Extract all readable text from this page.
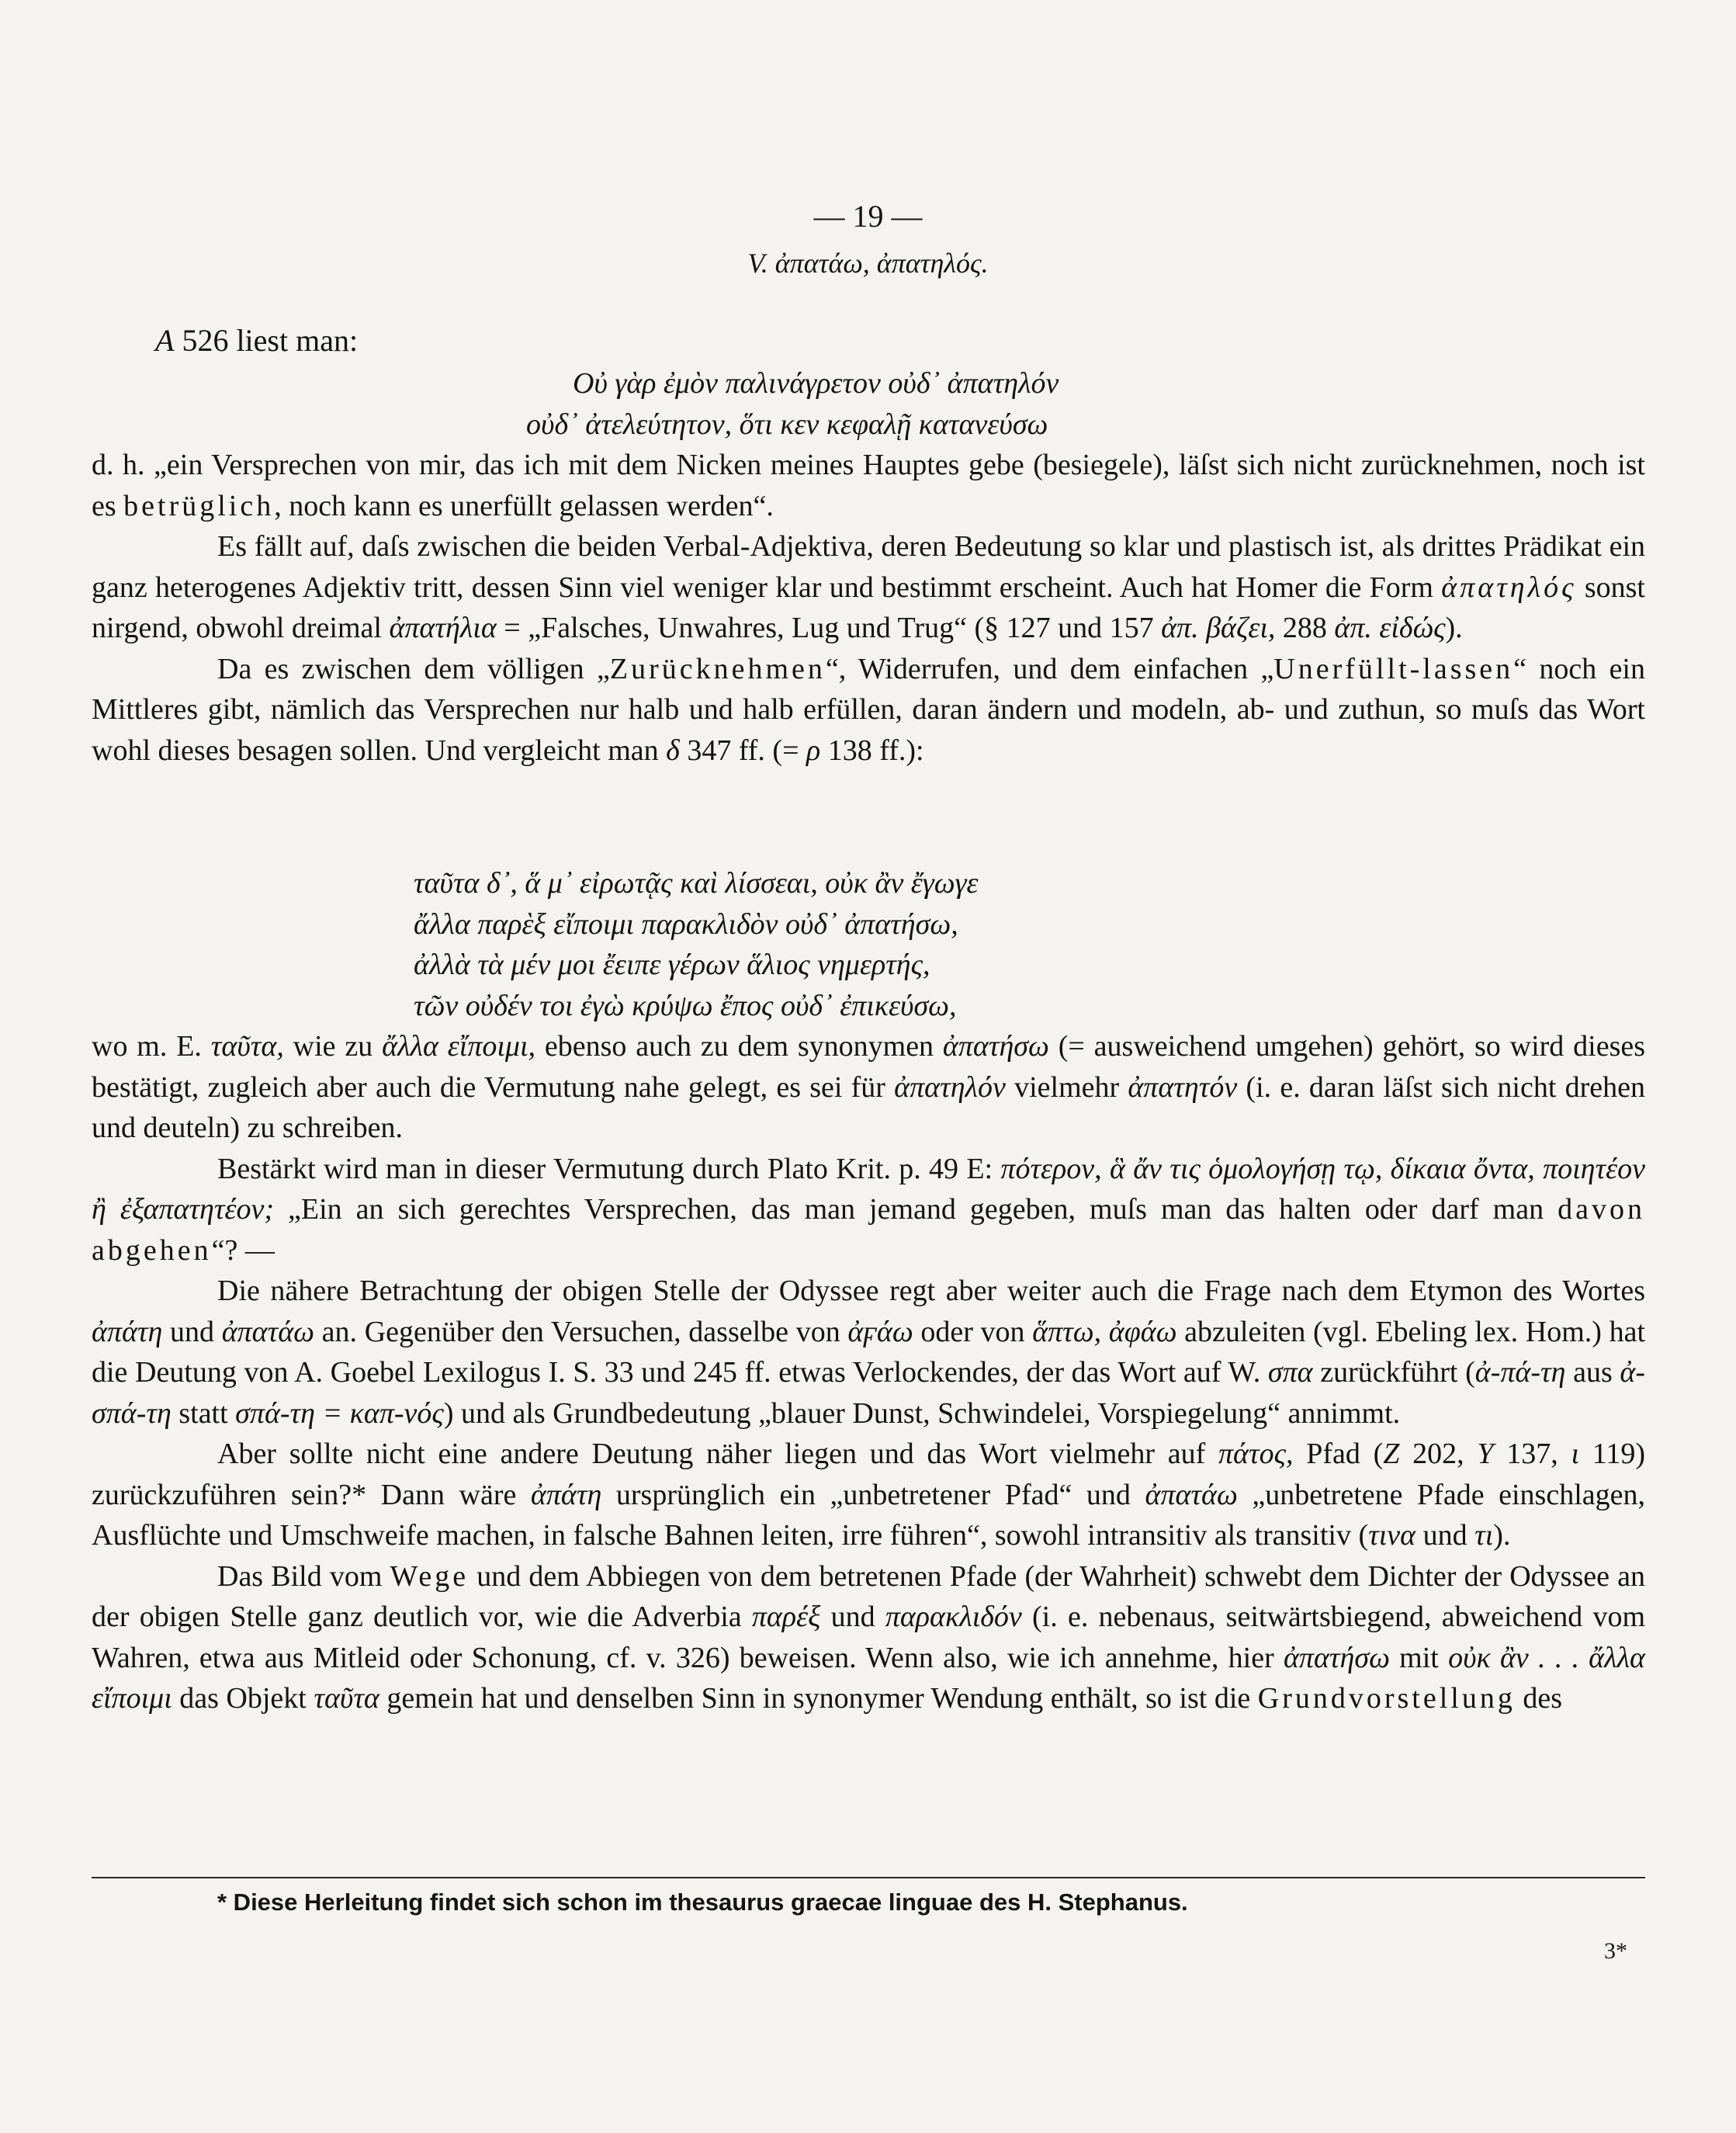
— 19 —
V. ἀπατάω, ἀπατηλός.
Α 526 liest man:
Οὐ γὰρ ἐμὸν παλινάγρετον οὐδ᾽ ἀπατηλόν
οὐδ᾽ ἀτελεύτητον, ὅτι κεν κεφαλῇ κατανεύσω

d. h. „ein Versprechen von mir, das ich mit dem Nicken meines Hauptes gebe (besiegele), läſst sich nicht zurücknehmen, noch ist es betrüglich, noch kann es unerfüllt gelassen werden“.

Es fällt auf, daſs zwischen die beiden Verbal-Adjektiva, deren Bedeutung so klar und plastisch ist, als drittes Prädikat ein ganz heterogenes Adjektiv tritt, dessen Sinn viel weniger klar und bestimmt erscheint. Auch hat Homer die Form ἀπατηλός sonst nirgend, obwohl dreimal ἀπατήλια = „Falsches, Unwahres, Lug und Trug“ (§ 127 und 157 ἀπ. βάζει, 288 ἀπ. εἰδώς).

Da es zwischen dem völligen „Zurücknehmen“, Widerrufen, und dem einfachen „Unerfüllt-lassen“ noch ein Mittleres gibt, nämlich das Versprechen nur halb und halb erfüllen, daran ändern und modeln, ab- und zuthun, so muſs das Wort wohl dieses besagen sollen. Und vergleicht man δ 347 ff. (= ρ 138 ff.):

ταῦτα δ᾽, ἅ μ᾽ εἰρωτᾷς καὶ λίσσεαι, οὐκ ἂν ἔγωγε
ἄλλα παρὲξ εἴποιμι παρακλιδὸν οὐδ᾽ ἀπατήσω,
ἀλλὰ τὰ μέν μοι ἔειπε γέρων ἅλιος νημερτής,
τῶν οὐδέν τοι ἐγὼ κρύψω ἔπος οὐδ᾽ ἐπικεύσω,

wo m. E. ταῦτα, wie zu ἄλλα εἴποιμι, ebenso auch zu dem synonymen ἀπατήσω (= ausweichend umgehen) gehört, so wird dieses bestätigt, zugleich aber auch die Vermutung nahe gelegt, es sei für ἀπατηλόν vielmehr ἀπατητόν (i. e. daran läſst sich nicht drehen und deuteln) zu schreiben.

Bestärkt wird man in dieser Vermutung durch Plato Krit. p. 49 E: πότερον, ἃ ἄν τις ὁμολογήσῃ τῳ, δίκαια ὄντα, ποιητέον ἢ ἐξαπατητέον; „Ein an sich gerechtes Versprechen, das man jemand gegeben, muſs man das halten oder darf man davon abgehen“? —

Die nähere Betrachtung der obigen Stelle der Odyssee regt aber weiter auch die Frage nach dem Etymon des Wortes ἀπάτη und ἀπατάω an. Gegenüber den Versuchen, dasselbe von ἀϝάω oder von ἅπτω, ἀφάω abzuleiten (vgl. Ebeling lex. Hom.) hat die Deutung von A. Goebel Lexilogus I. S. 33 und 245 ff. etwas Verlockendes, der das Wort auf W. σπα zurückführt (ἀ-πά-τη aus ἀ-σπά-τη statt σπά-τη = καπ-νός) und als Grundbedeutung „blauer Dunst, Schwindelei, Vorspiegelung“ annimmt.

Aber sollte nicht eine andere Deutung näher liegen und das Wort vielmehr auf πάτος, Pfad (Ζ 202, Υ 137, ι 119) zurückzuführen sein?* Dann wäre ἀπάτη ursprünglich ein „unbetretener Pfad“ und ἀπατάω „unbetretene Pfade einschlagen, Ausflüchte und Umschweife machen, in falsche Bahnen leiten, irre führen“, sowohl intransitiv als transitiv (τινα und τι).

Das Bild vom Wege und dem Abbiegen von dem betretenen Pfade (der Wahrheit) schwebt dem Dichter der Odyssee an der obigen Stelle ganz deutlich vor, wie die Adverbia παρέξ und παρακλιδόν (i. e. nebenaus, seitwärtsbiegend, abweichend vom Wahren, etwa aus Mitleid oder Schonung, cf. v. 326) beweisen. Wenn also, wie ich annehme, hier ἀπατήσω mit οὐκ ἂν . . . ἄλλα εἴποιμι das Objekt ταῦτα gemein hat und denselben Sinn in synonymer Wendung enthält, so ist die Grundvorstellung des

* Diese Herleitung findet sich schon im thesaurus graecae linguae des H. Stephanus.
3*
